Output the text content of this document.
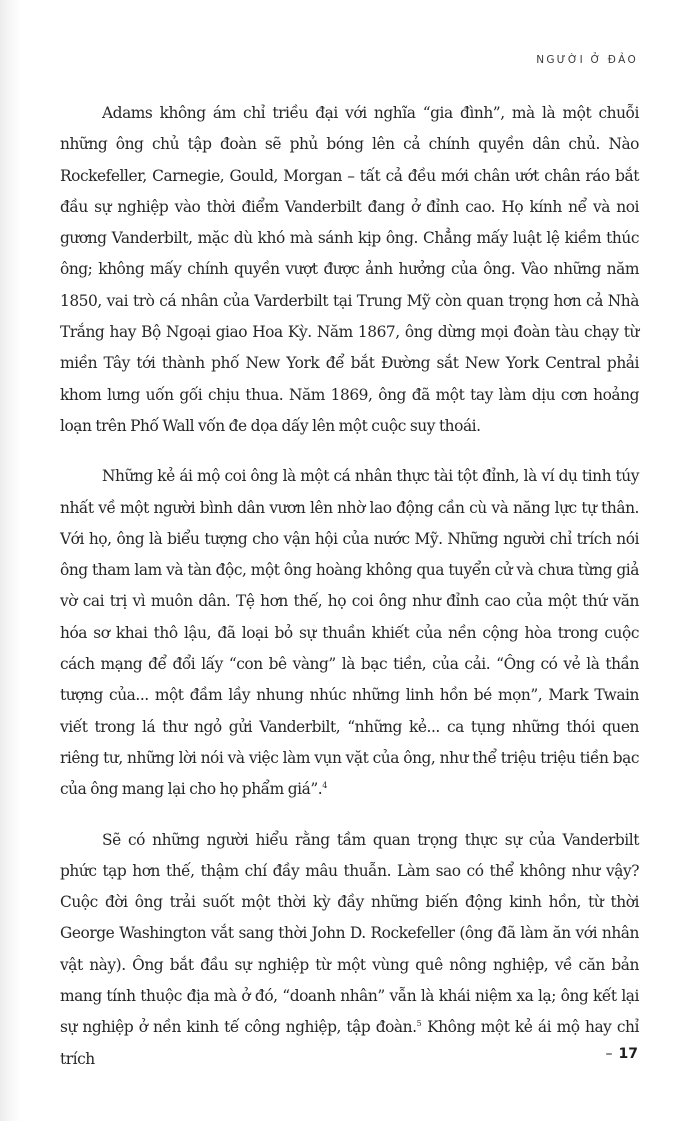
NGƯỜI Ở ĐẢO

Adams không ám chỉ triều đại với nghĩa “gia đình”, mà là một chuỗi những ông chủ tập đoàn sẽ phủ bóng lên cả chính quyền dân chủ. Nào Rockefeller, Carnegie, Gould, Morgan – tất cả đều mới chân ướt chân ráo bắt đầu sự nghiệp vào thời điểm Vanderbilt đang ở đỉnh cao. Họ kính nể và noi gương Vanderbilt, mặc dù khó mà sánh kịp ông. Chẳng mấy luật lệ kiềm thúc ông; không mấy chính quyền vượt được ảnh hưởng của ông. Vào những năm 1850, vai trò cá nhân của Varderbilt tại Trung Mỹ còn quan trọng hơn cả Nhà Trắng hay Bộ Ngoại giao Hoa Kỳ. Năm 1867, ông dừng mọi đoàn tàu chạy từ miền Tây tới thành phố New York để bắt Đường sắt New York Central phải khom lưng uốn gối chịu thua. Năm 1869, ông đã một tay làm dịu cơn hoảng loạn trên Phố Wall vốn đe dọa dấy lên một cuộc suy thoái.

Những kẻ ái mộ coi ông là một cá nhân thực tài tột đỉnh, là ví dụ tinh túy nhất về một người bình dân vươn lên nhờ lao động cần cù và năng lực tự thân. Với họ, ông là biểu tượng cho vận hội của nước Mỹ. Những người chỉ trích nói ông tham lam và tàn độc, một ông hoàng không qua tuyển cử và chưa từng giả vờ cai trị vì muôn dân. Tệ hơn thế, họ coi ông như đỉnh cao của một thứ văn hóa sơ khai thô lậu, đã loại bỏ sự thuần khiết của nền cộng hòa trong cuộc cách mạng để đổi lấy “con bê vàng” là bạc tiền, của cải. “Ông có vẻ là thần tượng của... một đầm lầy nhung nhúc những linh hồn bé mọn”, Mark Twain viết trong lá thư ngỏ gửi Vanderbilt, “những kẻ... ca tụng những thói quen riêng tư, những lời nói và việc làm vụn vặt của ông, như thể triệu triệu tiền bạc của ông mang lại cho họ phẩm giá”.$^4$

Sẽ có những người hiểu rằng tầm quan trọng thực sự của Vanderbilt phức tạp hơn thế, thậm chí đầy mâu thuẫn. Làm sao có thể không như vậy? Cuộc đời ông trải suốt một thời kỳ đầy những biến động kinh hồn, từ thời George Washington vắt sang thời John D. Rockefeller (ông đã làm ăn với nhân vật này). Ông bắt đầu sự nghiệp từ một vùng quê nông nghiệp, về căn bản mang tính thuộc địa mà ở đó, “doanh nhân” vẫn là khái niệm xa lạ; ông kết lại sự nghiệp ở nền kinh tế công nghiệp, tập đoàn.$^5$ Không một kẻ ái mộ hay chỉ trích	– 17
